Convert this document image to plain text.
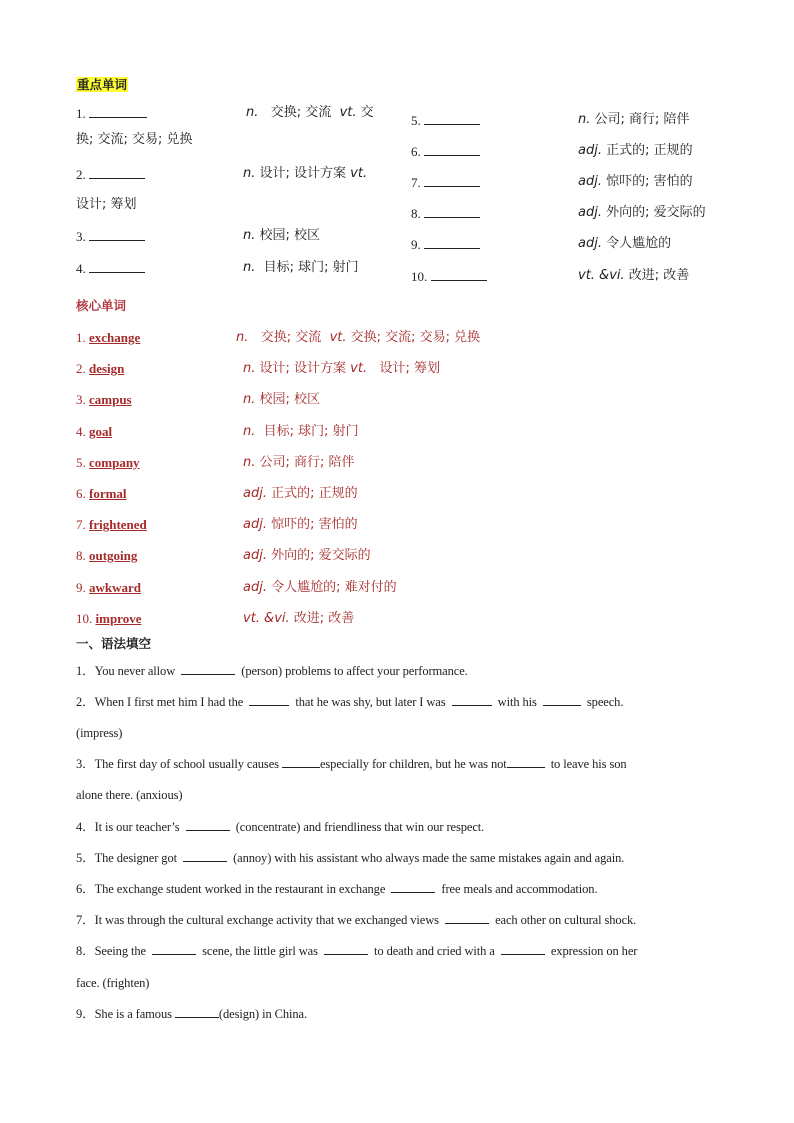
重点单词
1.	n. 交换; 交流 vt. 交
换; 交流; 交易; 兑换
2.	n. 设计; 设计方案 vt.
设计; 筹划
3.	n. 校园; 校区
4.	n. 目标; 球门; 射门
5.	n. 公司; 商行; 陪伴
6.	adj. 正式的; 正规的
7.	adj. 惊吓的; 害怕的
8.	adj. 外向的; 爱交际的
9.	adj. 令人尴尬的
10.	vt. &vi. 改进; 改善
核心单词
1. exchange	n. 交换; 交流 vt. 交换; 交流; 交易; 兑换
2. design	n. 设计; 设计方案 vt. 设计; 筹划
3. campus	n. 校园; 校区
4. goal	n. 目标; 球门; 射门
5. company	n. 公司; 商行; 陪伴
6. formal	adj. 正式的; 正规的
7. frightened	adj. 惊吓的; 害怕的
8. outgoing	adj. 外向的; 爱交际的
9. awkward	adj. 令人尴尬的; 难对付的
10. improve	vt. &vi. 改进; 改善
一、语法填空
1．You never allow	(person) problems to affect your performance.
2．When I first met him I had the	that he was shy, but later I was	with his	speech.
(impress)
3．The first day of school usually causes	especially for children, but he was not	to leave his son
alone there. (anxious)
4．It is our teacher’s	(concentrate) and friendliness that win our respect.
5．The designer got	(annoy) with his assistant who always made the same mistakes again and again.
6．The exchange student worked in the restaurant in exchange	free meals and accommodation.
7．It was through the cultural exchange activity that we exchanged views	each other on cultural shock.
8．Seeing the	scene, the little girl was	to death and cried with a	expression on her
face. (frighten)
9．She is a famous	(design) in China.
